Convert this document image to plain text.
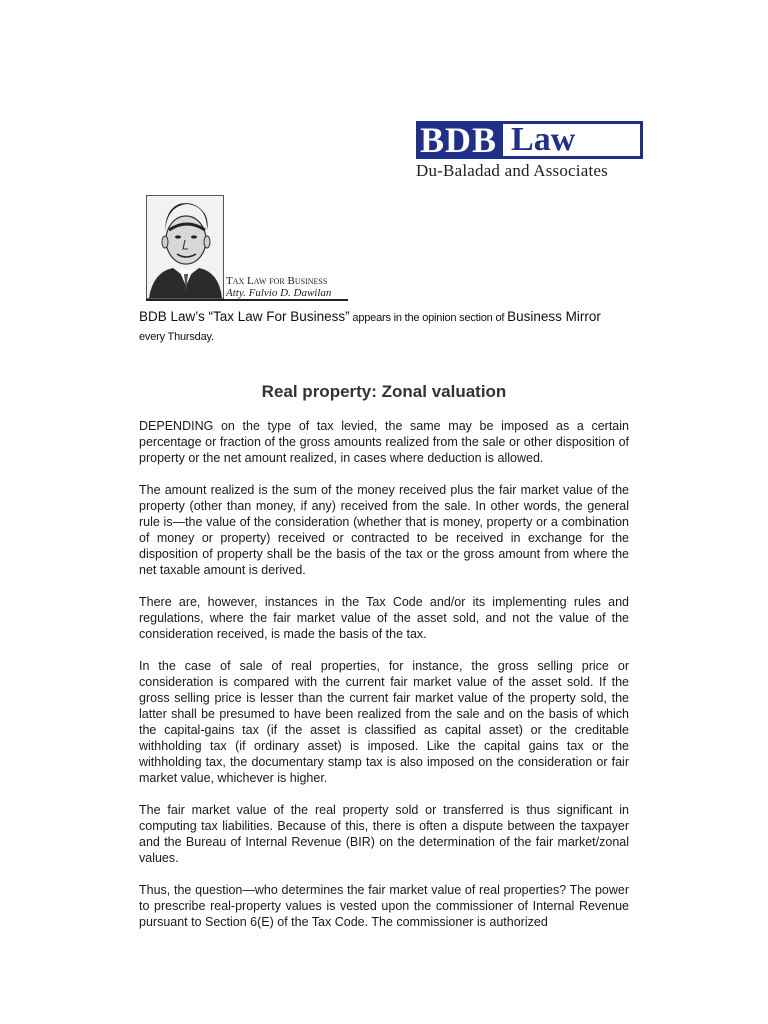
BDB Law
Du-Baladad and Associates
Tax Law for Business
Atty. Fulvio D. Dawilan
BDB Law’s “Tax Law For Business” appears in the opinion section of Business Mirror
every Thursday.
Real property: Zonal valuation

DEPENDING on the type of tax levied, the same may be imposed as a certain percentage or fraction of the gross amounts realized from the sale or other disposition of property or the net amount realized, in cases where deduction is allowed.

The amount realized is the sum of the money received plus the fair market value of the property (other than money, if any) received from the sale. In other words, the general rule is—the value of the consideration (whether that is money, property or a combination of money or property) received or contracted to be received in exchange for the disposition of property shall be the basis of the tax or the gross amount from where the net taxable amount is derived.

There are, however, instances in the Tax Code and/or its implementing rules and regulations, where the fair market value of the asset sold, and not the value of the consideration received, is made the basis of the tax.

In the case of sale of real properties, for instance, the gross selling price or consideration is compared with the current fair market value of the asset sold. If the gross selling price is lesser than the current fair market value of the property sold, the latter shall be presumed to have been realized from the sale and on the basis of which the capital-gains tax (if the asset is classified as capital asset) or the creditable withholding tax (if ordinary asset) is imposed. Like the capital gains tax or the withholding tax, the documentary stamp tax is also imposed on the consideration or fair market value, whichever is higher.

The fair market value of the real property sold or transferred is thus significant in computing tax liabilities. Because of this, there is often a dispute between the taxpayer and the Bureau of Internal Revenue (BIR) on the determination of the fair market/zonal values.

Thus, the question—who determines the fair market value of real properties? The power to prescribe real-property values is vested upon the commissioner of Internal Revenue pursuant to Section 6(E) of the Tax Code. The commissioner is authorized
